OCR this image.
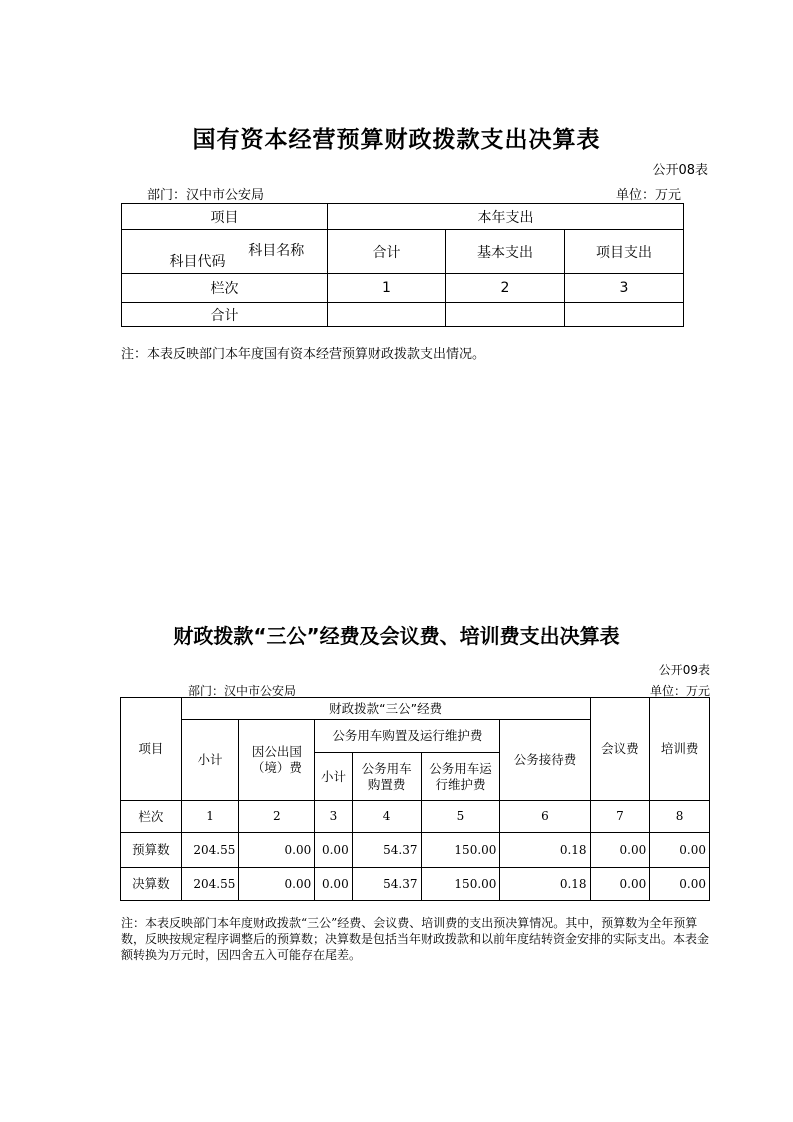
国有资本经营预算财政拨款支出决算表
公开08表
部门：汉中市公安局	单位：万元
项目		本年支出		
科目代码	科目名称	合计	基本支出	项目支出
栏次		1	2	3
合计				
注：本表反映部门本年度国有资本经营预算财政拨款支出情况。
财政拨款“三公”经费及会议费、培训费支出决算表
公开09表
部门：汉中市公安局	单位：万元
项目	财政拨款“三公”经费						会议费	培训费
	小计	因公出国（境）费	公务用车购置及运行维护费			公务接待费		
			小计	公务用车购置费	公务用车运行维护费			
栏次	1	2	3	4	5	6	7	8
预算数	204.55	0.00	0.00	54.37	150.00	0.18	0.00	0.00
决算数	204.55	0.00	0.00	54.37	150.00	0.18	0.00	0.00
注：本表反映部门本年度财政拨款“三公”经费、会议费、培训费的支出预决算情况。其中，预算数为全年预算数，反映按规定程序调整后的预算数；决算数是包括当年财政拨款和以前年度结转资金安排的实际支出。本表金额转换为万元时，因四舍五入可能存在尾差。
